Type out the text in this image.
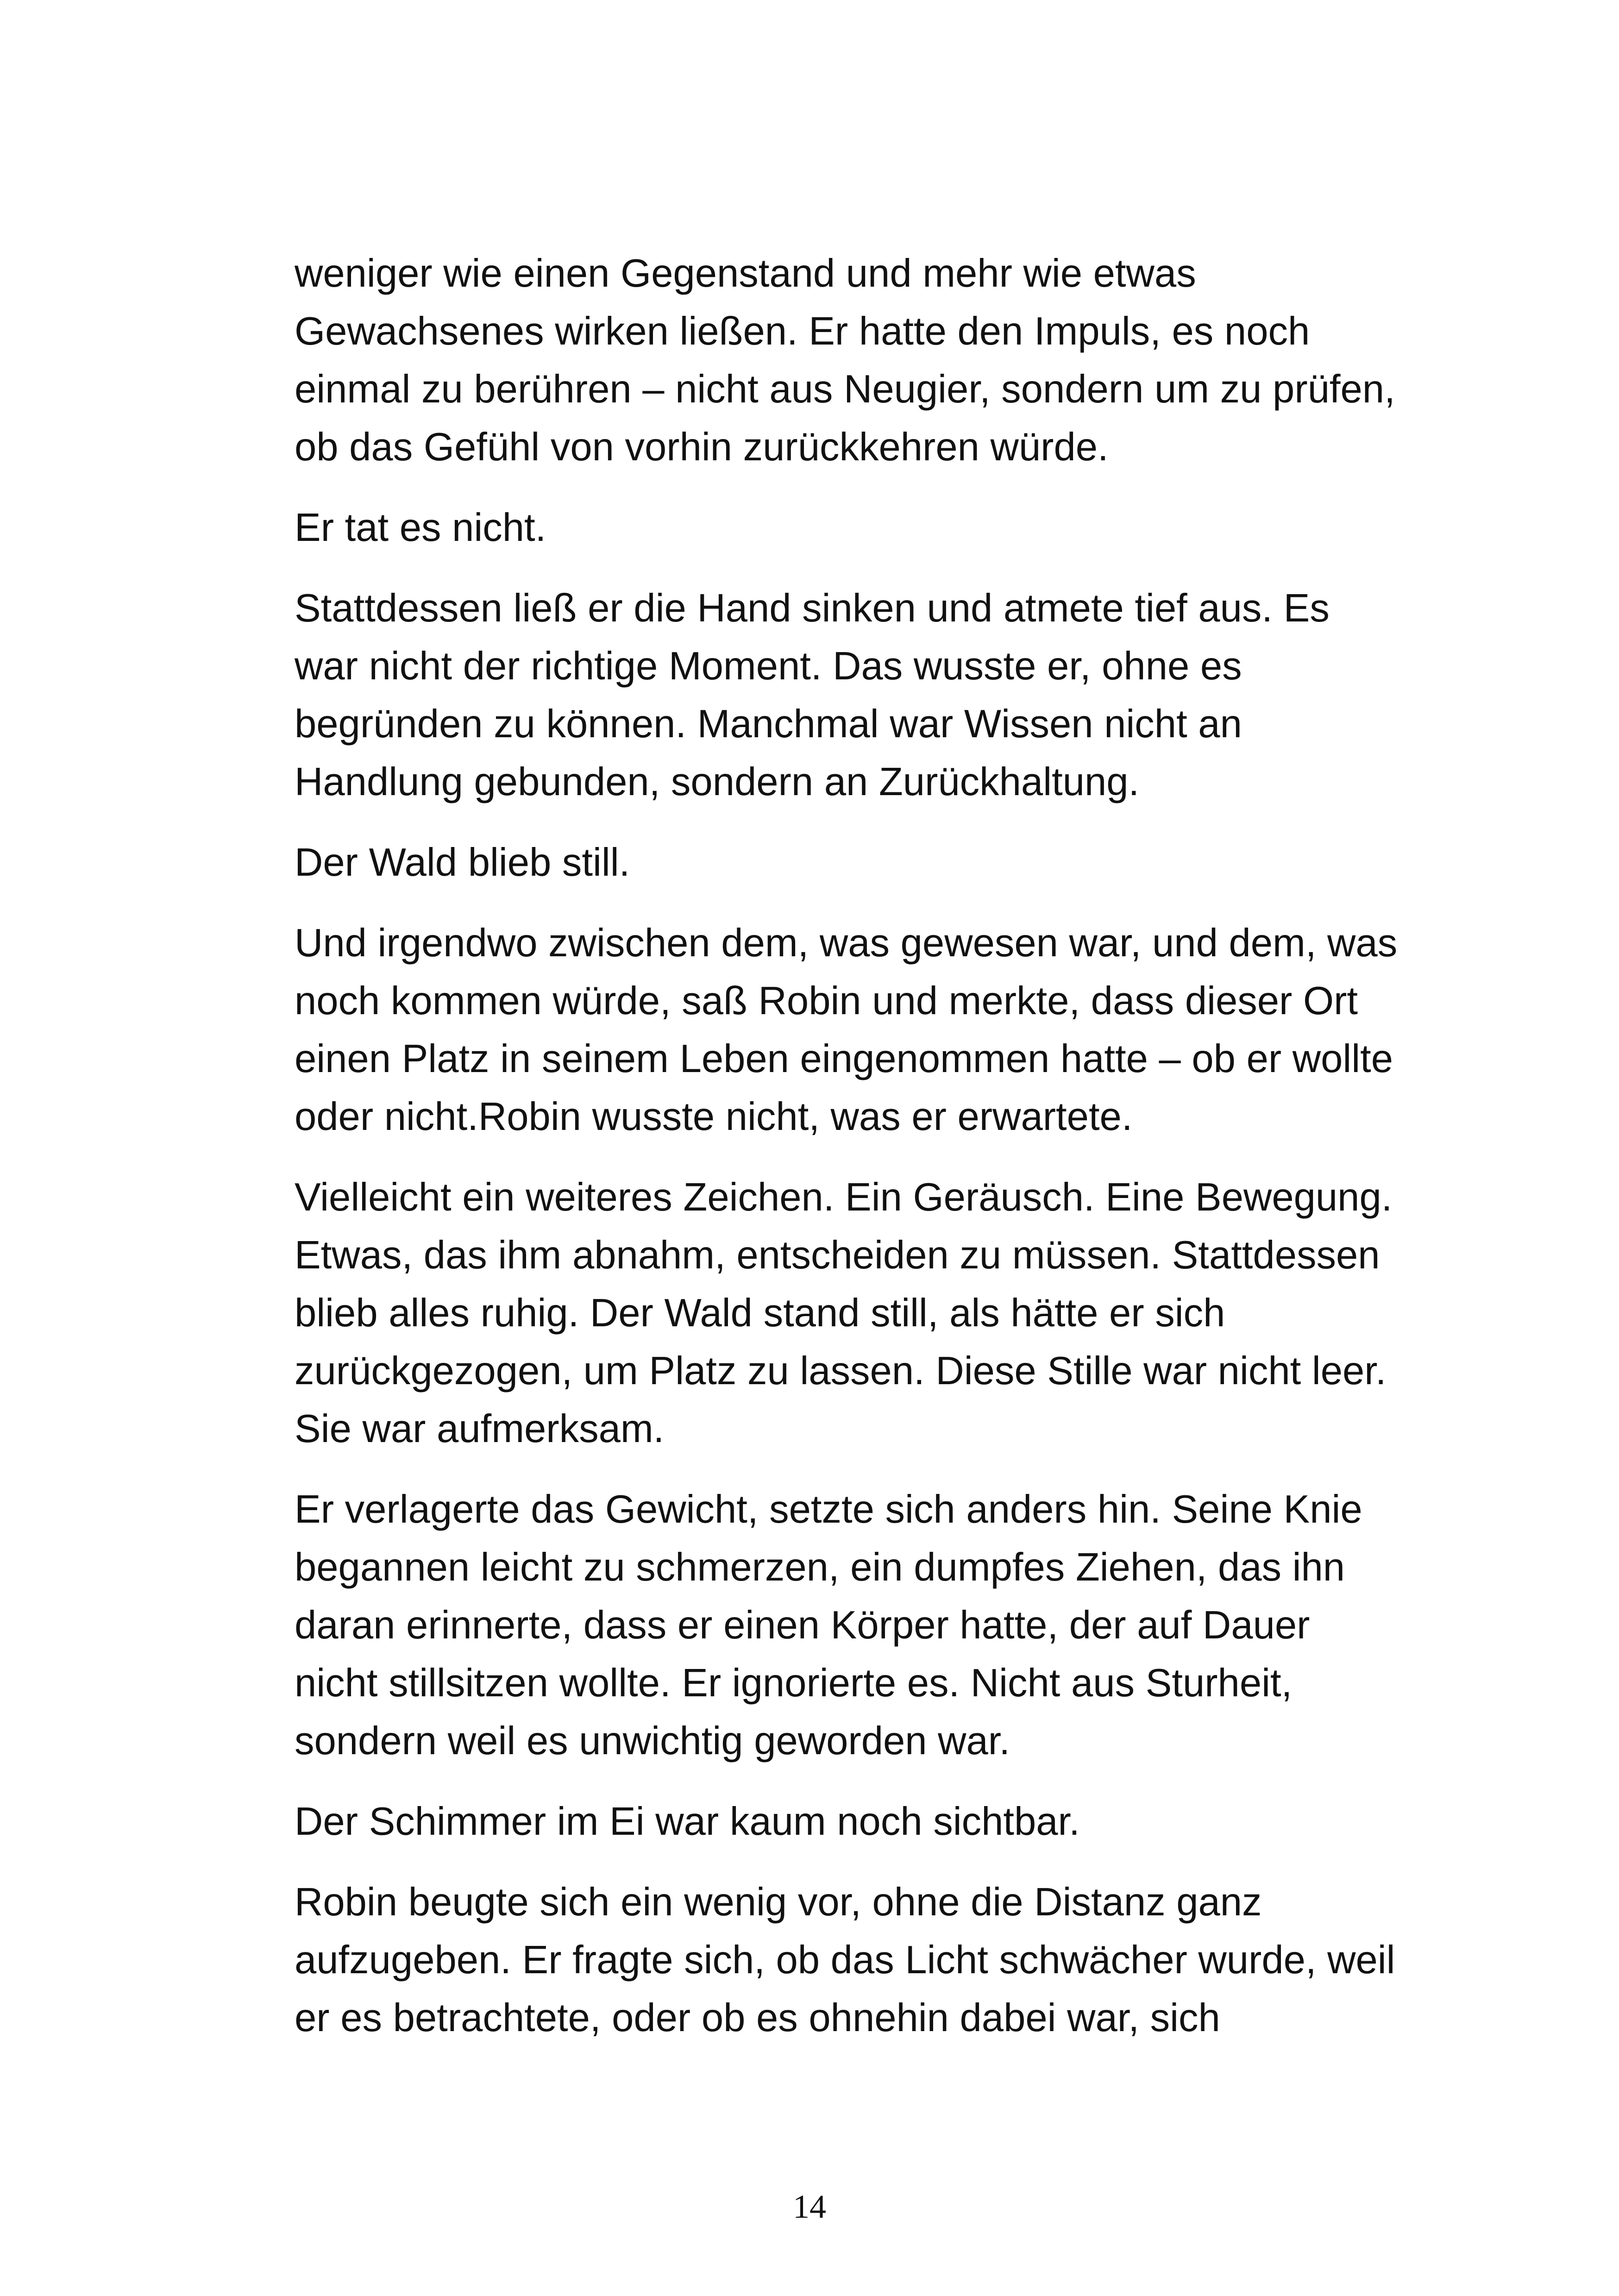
weniger wie einen Gegenstand und mehr wie etwas
Gewachsenes wirken ließen. Er hatte den Impuls, es noch
einmal zu berühren – nicht aus Neugier, sondern um zu prüfen,
ob das Gefühl von vorhin zurückkehren würde.
Er tat es nicht.
Stattdessen ließ er die Hand sinken und atmete tief aus. Es
war nicht der richtige Moment. Das wusste er, ohne es
begründen zu können. Manchmal war Wissen nicht an
Handlung gebunden, sondern an Zurückhaltung.
Der Wald blieb still.
Und irgendwo zwischen dem, was gewesen war, und dem, was
noch kommen würde, saß Robin und merkte, dass dieser Ort
einen Platz in seinem Leben eingenommen hatte – ob er wollte
oder nicht.Robin wusste nicht, was er erwartete.
Vielleicht ein weiteres Zeichen. Ein Geräusch. Eine Bewegung.
Etwas, das ihm abnahm, entscheiden zu müssen. Stattdessen
blieb alles ruhig. Der Wald stand still, als hätte er sich
zurückgezogen, um Platz zu lassen. Diese Stille war nicht leer.
Sie war aufmerksam.
Er verlagerte das Gewicht, setzte sich anders hin. Seine Knie
begannen leicht zu schmerzen, ein dumpfes Ziehen, das ihn
daran erinnerte, dass er einen Körper hatte, der auf Dauer
nicht stillsitzen wollte. Er ignorierte es. Nicht aus Sturheit,
sondern weil es unwichtig geworden war.
Der Schimmer im Ei war kaum noch sichtbar.
Robin beugte sich ein wenig vor, ohne die Distanz ganz
aufzugeben. Er fragte sich, ob das Licht schwächer wurde, weil
er es betrachtete, oder ob es ohnehin dabei war, sich
14
